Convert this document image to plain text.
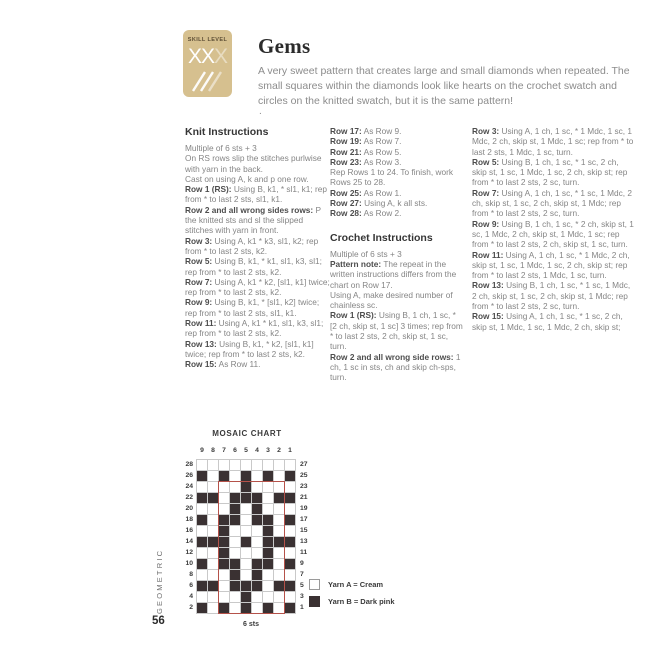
SKILL LEVEL
XXX Gems

A very sweet pattern that creates large and small diamonds when repeated. The small squares within the diamonds look like hearts on the crochet swatch and circles on the knitted swatch, but it is the same pattern!

.
Knit Instructions

Multiple of 6 sts + 3

On RS rows slip the stitches purlwise with yarn in the back.

Cast on using A, k and p one row.

Row 1 (RS): Using B, k1, * sl1, k1; rep from * to last 2 sts, sl1, k1.

Row 2 and all wrong sides rows: P the knitted sts and sl the slipped stitches with yarn in front.

Row 3: Using A, k1 * k3, sl1, k2; rep from * to last 2 sts, k2.

Row 5: Using B, k1, * k1, sl1, k3, sl1; rep from * to last 2 sts, k2.

Row 7: Using A, k1 * k2, [sl1, k1] twice; rep from * to last 2 sts, k2.

Row 9: Using B, k1, * [sl1, k2] twice; rep from * to last 2 sts, sl1, k1.

Row 11: Using A, k1 * k1, sl1, k3, sl1; rep from * to last 2 sts, k2.

Row 13: Using B, k1, * k2, [sl1, k1] twice; rep from * to last 2 sts, k2.

Row 15: As Row 11.

Row 17: As Row 9.

Row 19: As Row 7.

Row 21: As Row 5.

Row 23: As Row 3.

Rep Rows 1 to 24. To finish, work Rows 25 to 28.

Row 25: As Row 1.

Row 27: Using A, k all sts.

Row 28: As Row 2.

Crochet Instructions

Multiple of 6 sts + 3

Pattern note: The repeat in the written instructions differs from the chart on Row 17.

Using A, make desired number of chainless sc.

Row 1 (RS): Using B, 1 ch, 1 sc, * [2 ch, skip st, 1 sc] 3 times; rep from * to last 2 sts, 2 ch, skip st, 1 sc, turn.

Row 2 and all wrong side rows: 1 ch, 1 sc in sts, ch and skip ch-sps, turn.

Row 3: Using A, 1 ch, 1 sc, * 1 Mdc, 1 sc, 1 Mdc, 2 ch, skip st, 1 Mdc, 1 sc; rep from * to last 2 sts, 1 Mdc, 1 sc, turn.

Row 5: Using B, 1 ch, 1 sc, * 1 sc, 2 ch, skip st, 1 sc, 1 Mdc, 1 sc, 2 ch, skip st; rep from * to last 2 sts, 2 sc, turn.

Row 7: Using A, 1 ch, 1 sc, * 1 sc, 1 Mdc, 2 ch, skip st, 1 sc, 2 ch, skip st, 1 Mdc; rep from * to last 2 sts, 2 sc, turn.

Row 9: Using B, 1 ch, 1 sc, * 2 ch, skip st, 1 sc, 1 Mdc, 2 ch, skip st, 1 Mdc, 1 sc; rep from * to last 2 sts, 2 ch, skip st, 1 sc, turn.

Row 11: Using A, 1 ch, 1 sc, * 1 Mdc, 2 ch, skip st, 1 sc, 1 Mdc, 1 sc, 2 ch, skip st; rep from * to last 2 sts, 1 Mdc, 1 sc, turn.

Row 13: Using B, 1 ch, 1 sc, * 1 sc, 1 Mdc, 2 ch, skip st, 1 sc, 2 ch, skip st, 1 Mdc; rep from * to last 2 sts, 2 sc, turn.

Row 15: Using A, 1 ch, 1 sc, * 1 sc, 2 ch, skip st, 1 Mdc, 1 sc, 1 Mdc, 2 ch, skip st;

MOSAIC CHART
9	8	7	6	5	4	3	2	1
28	27
26	25
24	23
22	21
20	19
18	17
16	15
14	13
12	11
10	9
8	7
6	5
4	3
2	1
6 sts
Yarn A = Cream
Yarn B = Dark pink
GEOMETRIC
56
